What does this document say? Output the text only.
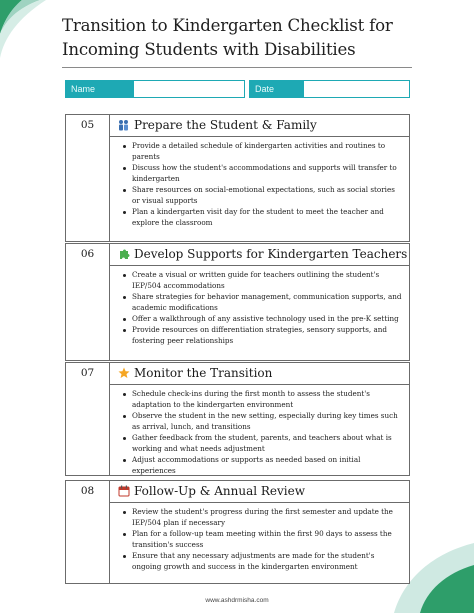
Transition to Kindergarten Checklist for Incoming Students with Disabilities
Name	Date
05	Prepare the Student & Family
Provide a detailed schedule of kindergarten activities and routines to parents
Discuss how the student's accommodations and supports will transfer to kindergarten
Share resources on social-emotional expectations, such as social stories or visual supports
Plan a kindergarten visit day for the student to meet the teacher and explore the classroom
06	Develop Supports for Kindergarten Teachers
Create a visual or written guide for teachers outlining the student's IEP/504 accommodations
Share strategies for behavior management, communication supports, and academic modifications
Offer a walkthrough of any assistive technology used in the pre-K setting
Provide resources on differentiation strategies, sensory supports, and fostering peer relationships
07	Monitor the Transition
Schedule check-ins during the first month to assess the student's adaptation to the kindergarten environment
Observe the student in the new setting, especially during key times such as arrival, lunch, and transitions
Gather feedback from the student, parents, and teachers about what is working and what needs adjustment
Adjust accommodations or supports as needed based on initial experiences
08	Follow-Up & Annual Review
Review the student's progress during the first semester and update the IEP/504 plan if necessary
Plan for a follow-up team meeting within the first 90 days to assess the transition's success
Ensure that any necessary adjustments are made for the student's ongoing growth and success in the kindergarten environment
www.ashdrmisha.com
